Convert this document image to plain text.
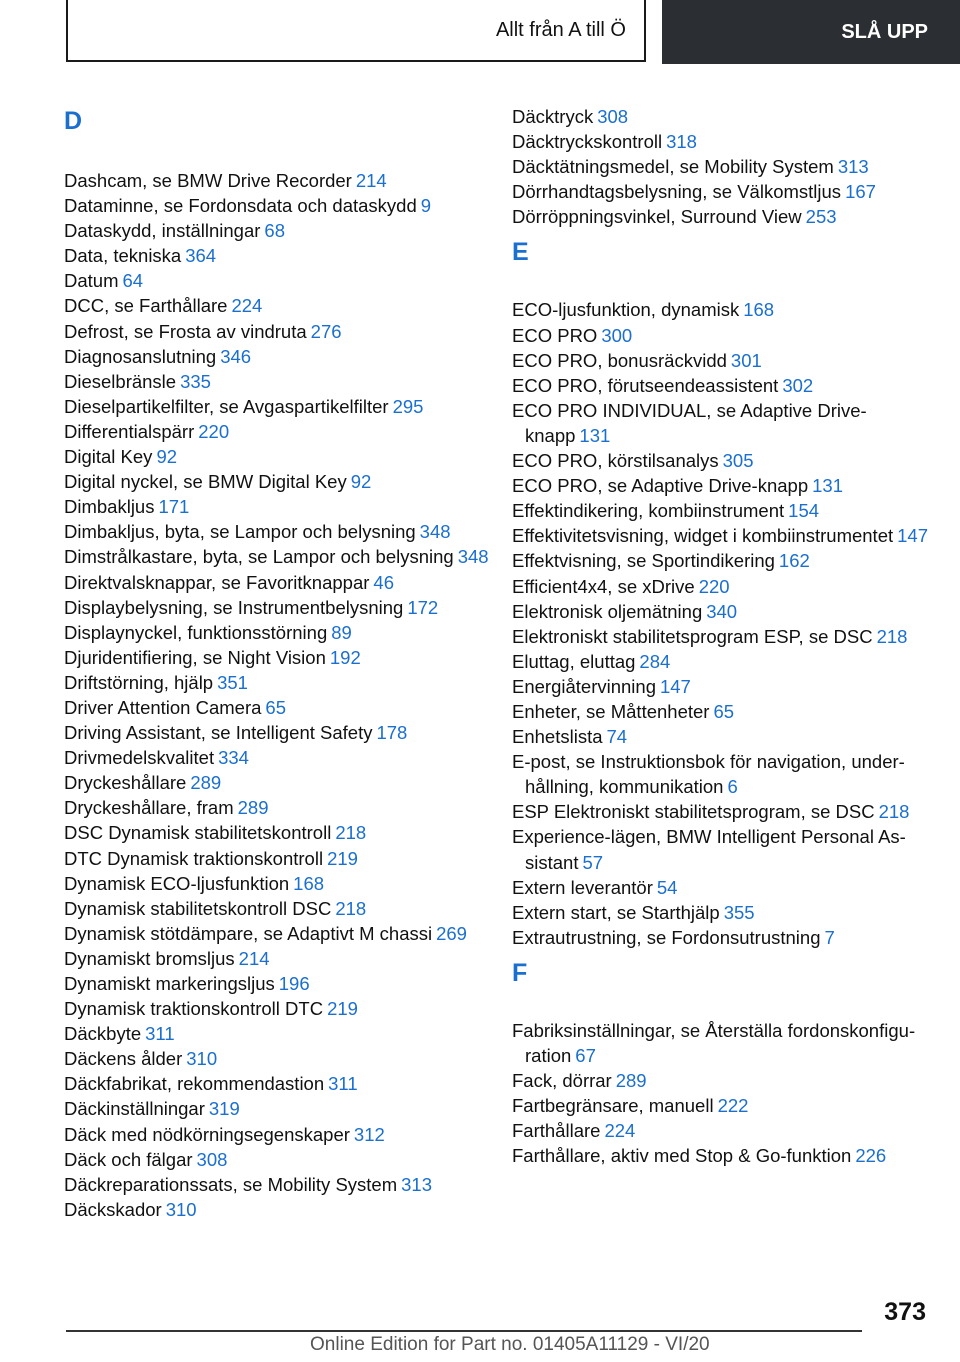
Allt från A till Ö	SLÅ UPP
D
Dashcam, se BMW Drive Recorder 214
Dataminne, se Fordonsdata och dataskydd 9
Dataskydd, inställningar 68
Data, tekniska 364
Datum 64
DCC, se Farthållare 224
Defrost, se Frosta av vindruta 276
Diagnosanslutning 346
Dieselbränsle 335
Dieselpartikelfilter, se Avgaspartikelfilter 295
Differentialspärr 220
Digital Key 92
Digital nyckel, se BMW Digital Key 92
Dimbakljus 171
Dimbakljus, byta, se Lampor och belysning 348
Dimstrålkastare, byta, se Lampor och belysning 348
Direktvalsknappar, se Favoritknappar 46
Displaybelysning, se Instrumentbelysning 172
Displaynyckel, funktionsstörning 89
Djuridentifiering, se Night Vision 192
Driftstörning, hjälp 351
Driver Attention Camera 65
Driving Assistant, se Intelligent Safety 178
Drivmedelskvalitet 334
Dryckeshållare 289
Dryckeshållare, fram 289
DSC Dynamisk stabilitetskontroll 218
DTC Dynamisk traktionskontroll 219
Dynamisk ECO-ljusfunktion 168
Dynamisk stabilitetskontroll DSC 218
Dynamisk stötdämpare, se Adaptivt M chassi 269
Dynamiskt bromsljus 214
Dynamiskt markeringsljus 196
Dynamisk traktionskontroll DTC 219
Däckbyte 311
Däckens ålder 310
Däckfabrikat, rekommendastion 311
Däckinställningar 319
Däck med nödkörningsegenskaper 312
Däck och fälgar 308
Däckreparationssats, se Mobility System 313
Däckskador 310
Däcktryck 308
Däcktryckskontroll 318
Däcktätningsmedel, se Mobility System 313
Dörrhandtagsbelysning, se Välkomstljus 167
Dörröppningsvinkel, Surround View 253
E
ECO-ljusfunktion, dynamisk 168
ECO PRO 300
ECO PRO, bonusräckvidd 301
ECO PRO, förutseendeassistent 302
ECO PRO INDIVIDUAL, se Adaptive Drive-knapp 131
ECO PRO, körstilsanalys 305
ECO PRO, se Adaptive Drive-knapp 131
Effektindikering, kombiinstrument 154
Effektivitetsvisning, widget i kombiinstrumentet 147
Effektvisning, se Sportindikering 162
Efficient4x4, se xDrive 220
Elektronisk oljemätning 340
Elektroniskt stabilitetsprogram ESP, se DSC 218
Eluttag, eluttag 284
Energiåtervinning 147
Enheter, se Måttenheter 65
Enhetslista 74
E-post, se Instruktionsbok för navigation, underhållning, kommunikation 6
ESP Elektroniskt stabilitetsprogram, se DSC 218
Experience-lägen, BMW Intelligent Personal Assistant 57
Extern leverantör 54
Extern start, se Starthjälp 355
Extrautrustning, se Fordonsutrustning 7
F
Fabriksinställningar, se Återställa fordonskonfiguration 67
Fack, dörrar 289
Fartbegränsare, manuell 222
Farthållare 224
Farthållare, aktiv med Stop & Go-funktion 226
373
Online Edition for Part no. 01405A11129 - VI/20
